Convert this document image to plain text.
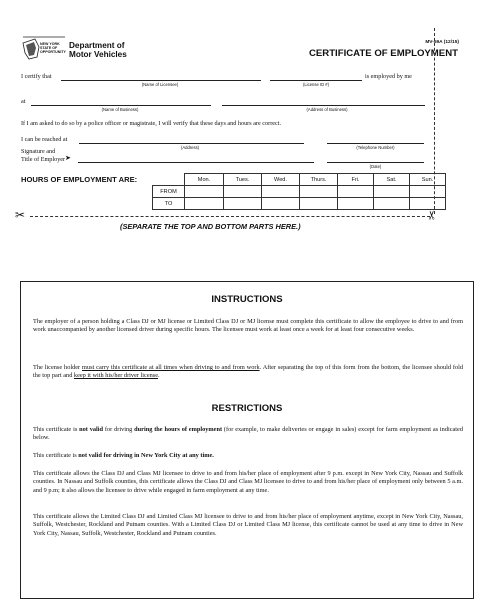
NEW YORK STATE OF OPPORTUNITY
Department of
Motor Vehicles
MV-59A (12/15)
CERTIFICATE OF EMPLOYMENT
I certify that	is employed by me
(Name of Licensee)	(License ID #)
at
(Name of Business)	(Address of Business)
If I am asked to do so by a police officer or magistrate, I will verify that these days and hours are correct.
I can be reached at
(Address)	(Telephone Number)
Signature and
Title of Employer ➤
(Date)
HOURS OF EMPLOYMENT ARE:
		Mon.	Tues.	Wed.	Thurs.	Fri.	Sat.	Sun.
FROM							
TO							
✂	✂
(SEPARATE THE TOP AND BOTTOM PARTS HERE.)
INSTRUCTIONS

The employer of a person holding a Class DJ or MJ license or Limited Class DJ or MJ license must complete this certificate to allow the employee to drive to and from work unaccompanied by another licensed driver during specific hours. The licensee must work at least once a week for at least four consecutive weeks.

The license holder must carry this certificate at all times when driving to and from work. After separating the top of this form from the bottom, the licensee should fold the top part and keep it with his/her driver license.

RESTRICTIONS

This certificate is not valid for driving during the hours of employment (for example, to make deliveries or engage in sales) except for farm employment as indicated below.

This certificate is not valid for driving in New York City at any time.

This certificate allows the Class DJ and Class MJ licensee to drive to and from his/her place of employment after 9 p.m. except in New York City, Nassau and Suffolk counties. In Nassau and Suffolk counties, this certificate allows the Class DJ and Class MJ licensee to drive to and from his/her place of employment only between 5 a.m. and 9 p.m; it also allows the licensee to drive while engaged in farm employment at any time.

This certificate allows the Limited Class DJ and Limited Class MJ licensee to drive to and from his/her place of employment anytime, except in New York City, Nassau, Suffolk, Westchester, Rockland and Putnam counties. With a Limited Class DJ or Limited Class MJ license, this certificate cannot be used at any time to drive in New York City, Nassau, Suffolk, Westchester, Rockland and Putnam counties.
